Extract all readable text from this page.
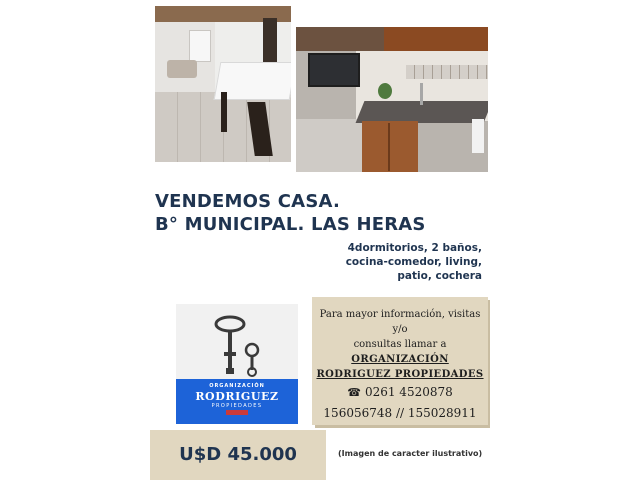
VENDEMOS CASA.
B° MUNICIPAL. LAS HERAS
4dormitorios, 2 baños,
cocina-comedor, living,
patio, cochera
ORGANIZACIÓN
RODRIGUEZ
PROPIEDADES
Para mayor información, visitas y/o
consultas llamar a
ORGANIZACIÓN
RODRIGUEZ PROPIEDADES
☎ 0261 4520878
156056748 // 155028911
U$D 45.000	(Imagen de caracter ilustrativo)
